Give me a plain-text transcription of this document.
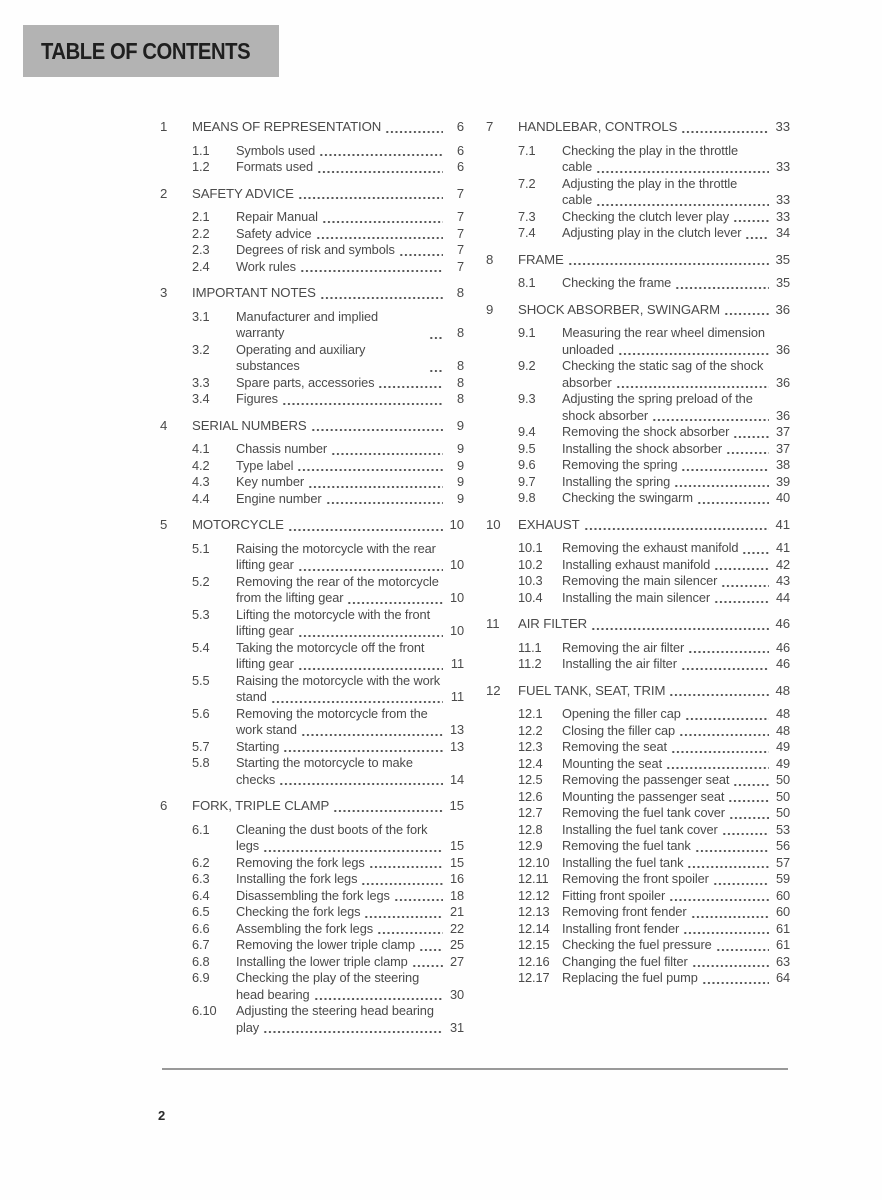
TABLE OF CONTENTS
1	MEANS OF REPRESENTATION	6
1.1	Symbols used	6
1.2	Formats used	6
2	SAFETY ADVICE	7
2.1	Repair Manual	7
2.2	Safety advice	7
2.3	Degrees of risk and symbols	7
2.4	Work rules	7
3	IMPORTANT NOTES	8
3.1	Manufacturer and implied warranty	8
3.2	Operating and auxiliary substances	8
3.3	Spare parts, accessories	8
3.4	Figures	8
4	SERIAL NUMBERS	9
4.1	Chassis number	9
4.2	Type label	9
4.3	Key number	9
4.4	Engine number	9
5	MOTORCYCLE	10
5.1	Raising the motorcycle with the rear
lifting gear	10
5.2	Removing the rear of the motorcycle
from the lifting gear	10
5.3	Lifting the motorcycle with the front
lifting gear	10
5.4	Taking the motorcycle off the front
lifting gear	11
5.5	Raising the motorcycle with the work
stand	11
5.6	Removing the motorcycle from the
work stand	13
5.7	Starting	13
5.8	Starting the motorcycle to make
checks	14
6	FORK, TRIPLE CLAMP	15
6.1	Cleaning the dust boots of the fork
legs	15
6.2	Removing the fork legs	15
6.3	Installing the fork legs	16
6.4	Disassembling the fork legs	18
6.5	Checking the fork legs	21
6.6	Assembling the fork legs	22
6.7	Removing the lower triple clamp	25
6.8	Installing the lower triple clamp	27
6.9	Checking the play of the steering
head bearing	30
6.10	Adjusting the steering head bearing
play	31
7	HANDLEBAR, CONTROLS	33
7.1	Checking the play in the throttle
cable	33
7.2	Adjusting the play in the throttle
cable	33
7.3	Checking the clutch lever play	33
7.4	Adjusting play in the clutch lever	34
8	FRAME	35
8.1	Checking the frame	35
9	SHOCK ABSORBER, SWINGARM	36
9.1	Measuring the rear wheel dimension
unloaded	36
9.2	Checking the static sag of the shock
absorber	36
9.3	Adjusting the spring preload of the
shock absorber	36
9.4	Removing the shock absorber	37
9.5	Installing the shock absorber	37
9.6	Removing the spring	38
9.7	Installing the spring	39
9.8	Checking the swingarm	40
10	EXHAUST	41
10.1	Removing the exhaust manifold	41
10.2	Installing exhaust manifold	42
10.3	Removing the main silencer	43
10.4	Installing the main silencer	44
11	AIR FILTER	46
11.1	Removing the air filter	46
11.2	Installing the air filter	46
12	FUEL TANK, SEAT, TRIM	48
12.1	Opening the filler cap	48
12.2	Closing the filler cap	48
12.3	Removing the seat	49
12.4	Mounting the seat	49
12.5	Removing the passenger seat	50
12.6	Mounting the passenger seat	50
12.7	Removing the fuel tank cover	50
12.8	Installing the fuel tank cover	53
12.9	Removing the fuel tank	56
12.10 Installing the fuel tank	57
12.11	Removing the front spoiler	59
12.12 Fitting front spoiler	60
12.13 Removing front fender	60
12.14 Installing front fender	61
12.15 Checking the fuel pressure	61
12.16 Changing the fuel filter	63
12.17 Replacing the fuel pump	64
2
